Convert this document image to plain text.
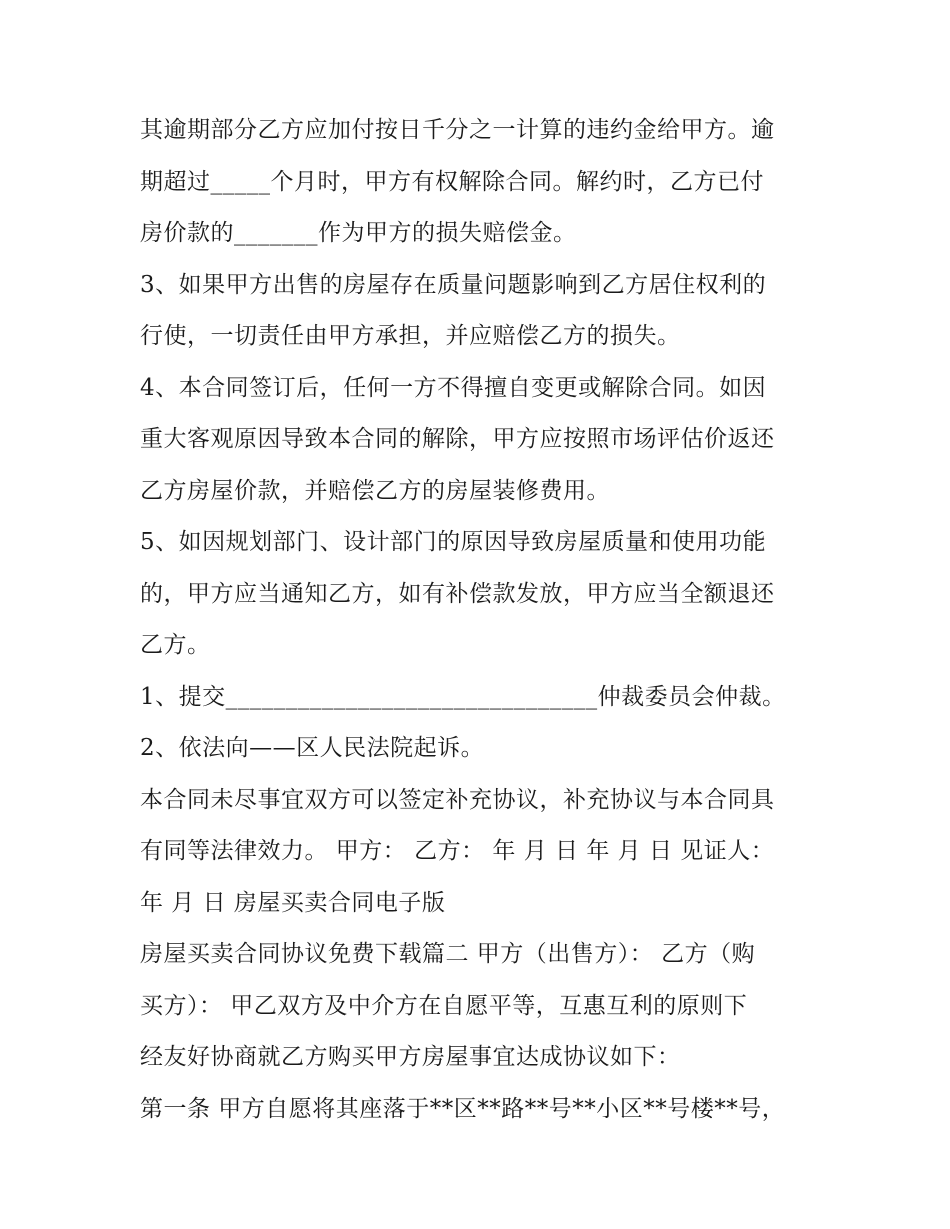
其逾期部分乙方应加付按日千分之一计算的违约金给甲方。逾
期超过_____个月时，甲方有权解除合同。解约时，乙方已付
房价款的_______作为甲方的损失赔偿金。
3、如果甲方出售的房屋存在质量问题影响到乙方居住权利的
行使，一切责任由甲方承担，并应赔偿乙方的损失。
4、本合同签订后，任何一方不得擅自变更或解除合同。如因
重大客观原因导致本合同的解除，甲方应按照市场评估价返还
乙方房屋价款，并赔偿乙方的房屋装修费用。
5、如因规划部门、设计部门的原因导致房屋质量和使用功能
的，甲方应当通知乙方，如有补偿款发放，甲方应当全额退还
乙方。
1、提交_______________________________仲裁委员会仲裁。
2、依法向——区人民法院起诉。
本合同未尽事宜双方可以签定补充协议，补充协议与本合同具
有同等法律效力。 甲方： 乙方： 年 月 日 年 月 日 见证人：
年 月 日 房屋买卖合同电子版
房屋买卖合同协议免费下载篇二 甲方（出售方）： 乙方（购
买方）： 甲乙双方及中介方在自愿平等，互惠互利的原则下
经友好协商就乙方购买甲方房屋事宜达成协议如下：
第一条 甲方自愿将其座落于**区**路**号**小区**号楼**号，
